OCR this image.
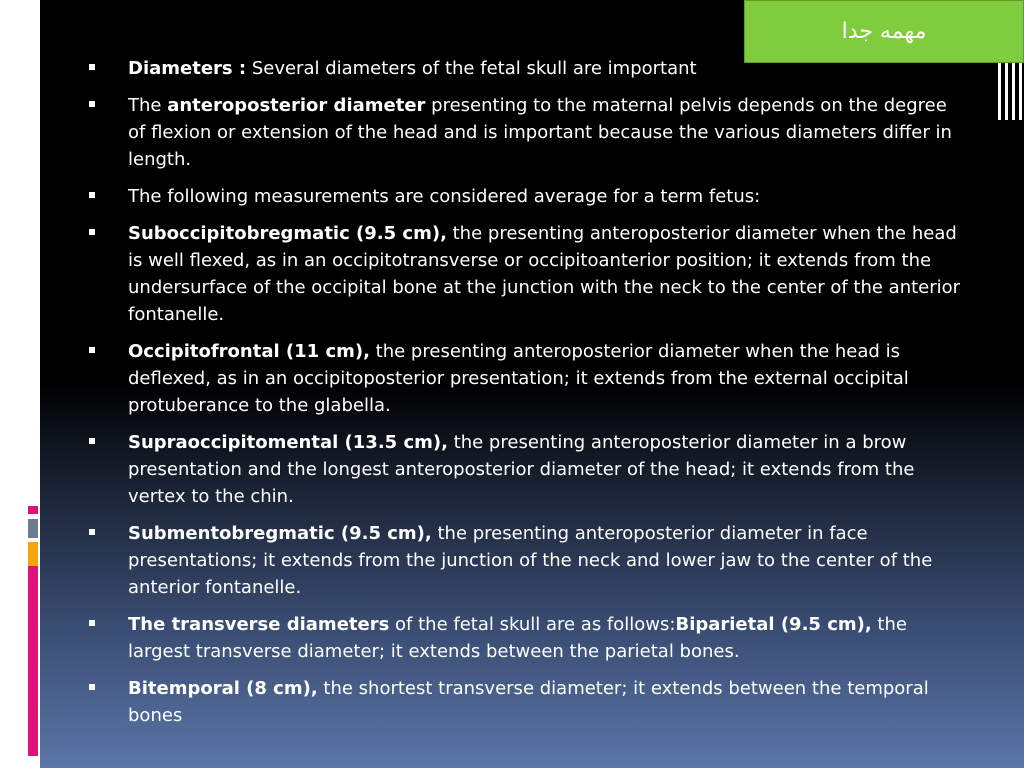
مهمه جدا
Diameters : Several diameters of the fetal skull are important
The anteroposterior diameter presenting to the maternal pelvis depends on the degree of flexion or extension of the head and is important because the various diameters differ in length.
The following measurements are considered average for a term fetus:
Suboccipitobregmatic (9.5 cm), the presenting anteroposterior diameter when the head is well flexed, as in an occipitotransverse or occipitoanterior position; it extends from the undersurface of the occipital bone at the junction with the neck to the center of the anterior fontanelle.
Occipitofrontal (11 cm), the presenting anteroposterior diameter when the head is deflexed, as in an occipitoposterior presentation; it extends from the external occipital protuberance to the glabella.
Supraoccipitomental (13.5 cm), the presenting anteroposterior diameter in a brow presentation and the longest anteroposterior diameter of the head; it extends from the vertex to the chin.
Submentobregmatic (9.5 cm), the presenting anteroposterior diameter in face presentations; it extends from the junction of the neck and lower jaw to the center of the anterior fontanelle.
The transverse diameters of the fetal skull are as follows:Biparietal (9.5 cm), the largest transverse diameter; it extends between the parietal bones.
Bitemporal (8 cm), the shortest transverse diameter; it extends between the temporal bones
